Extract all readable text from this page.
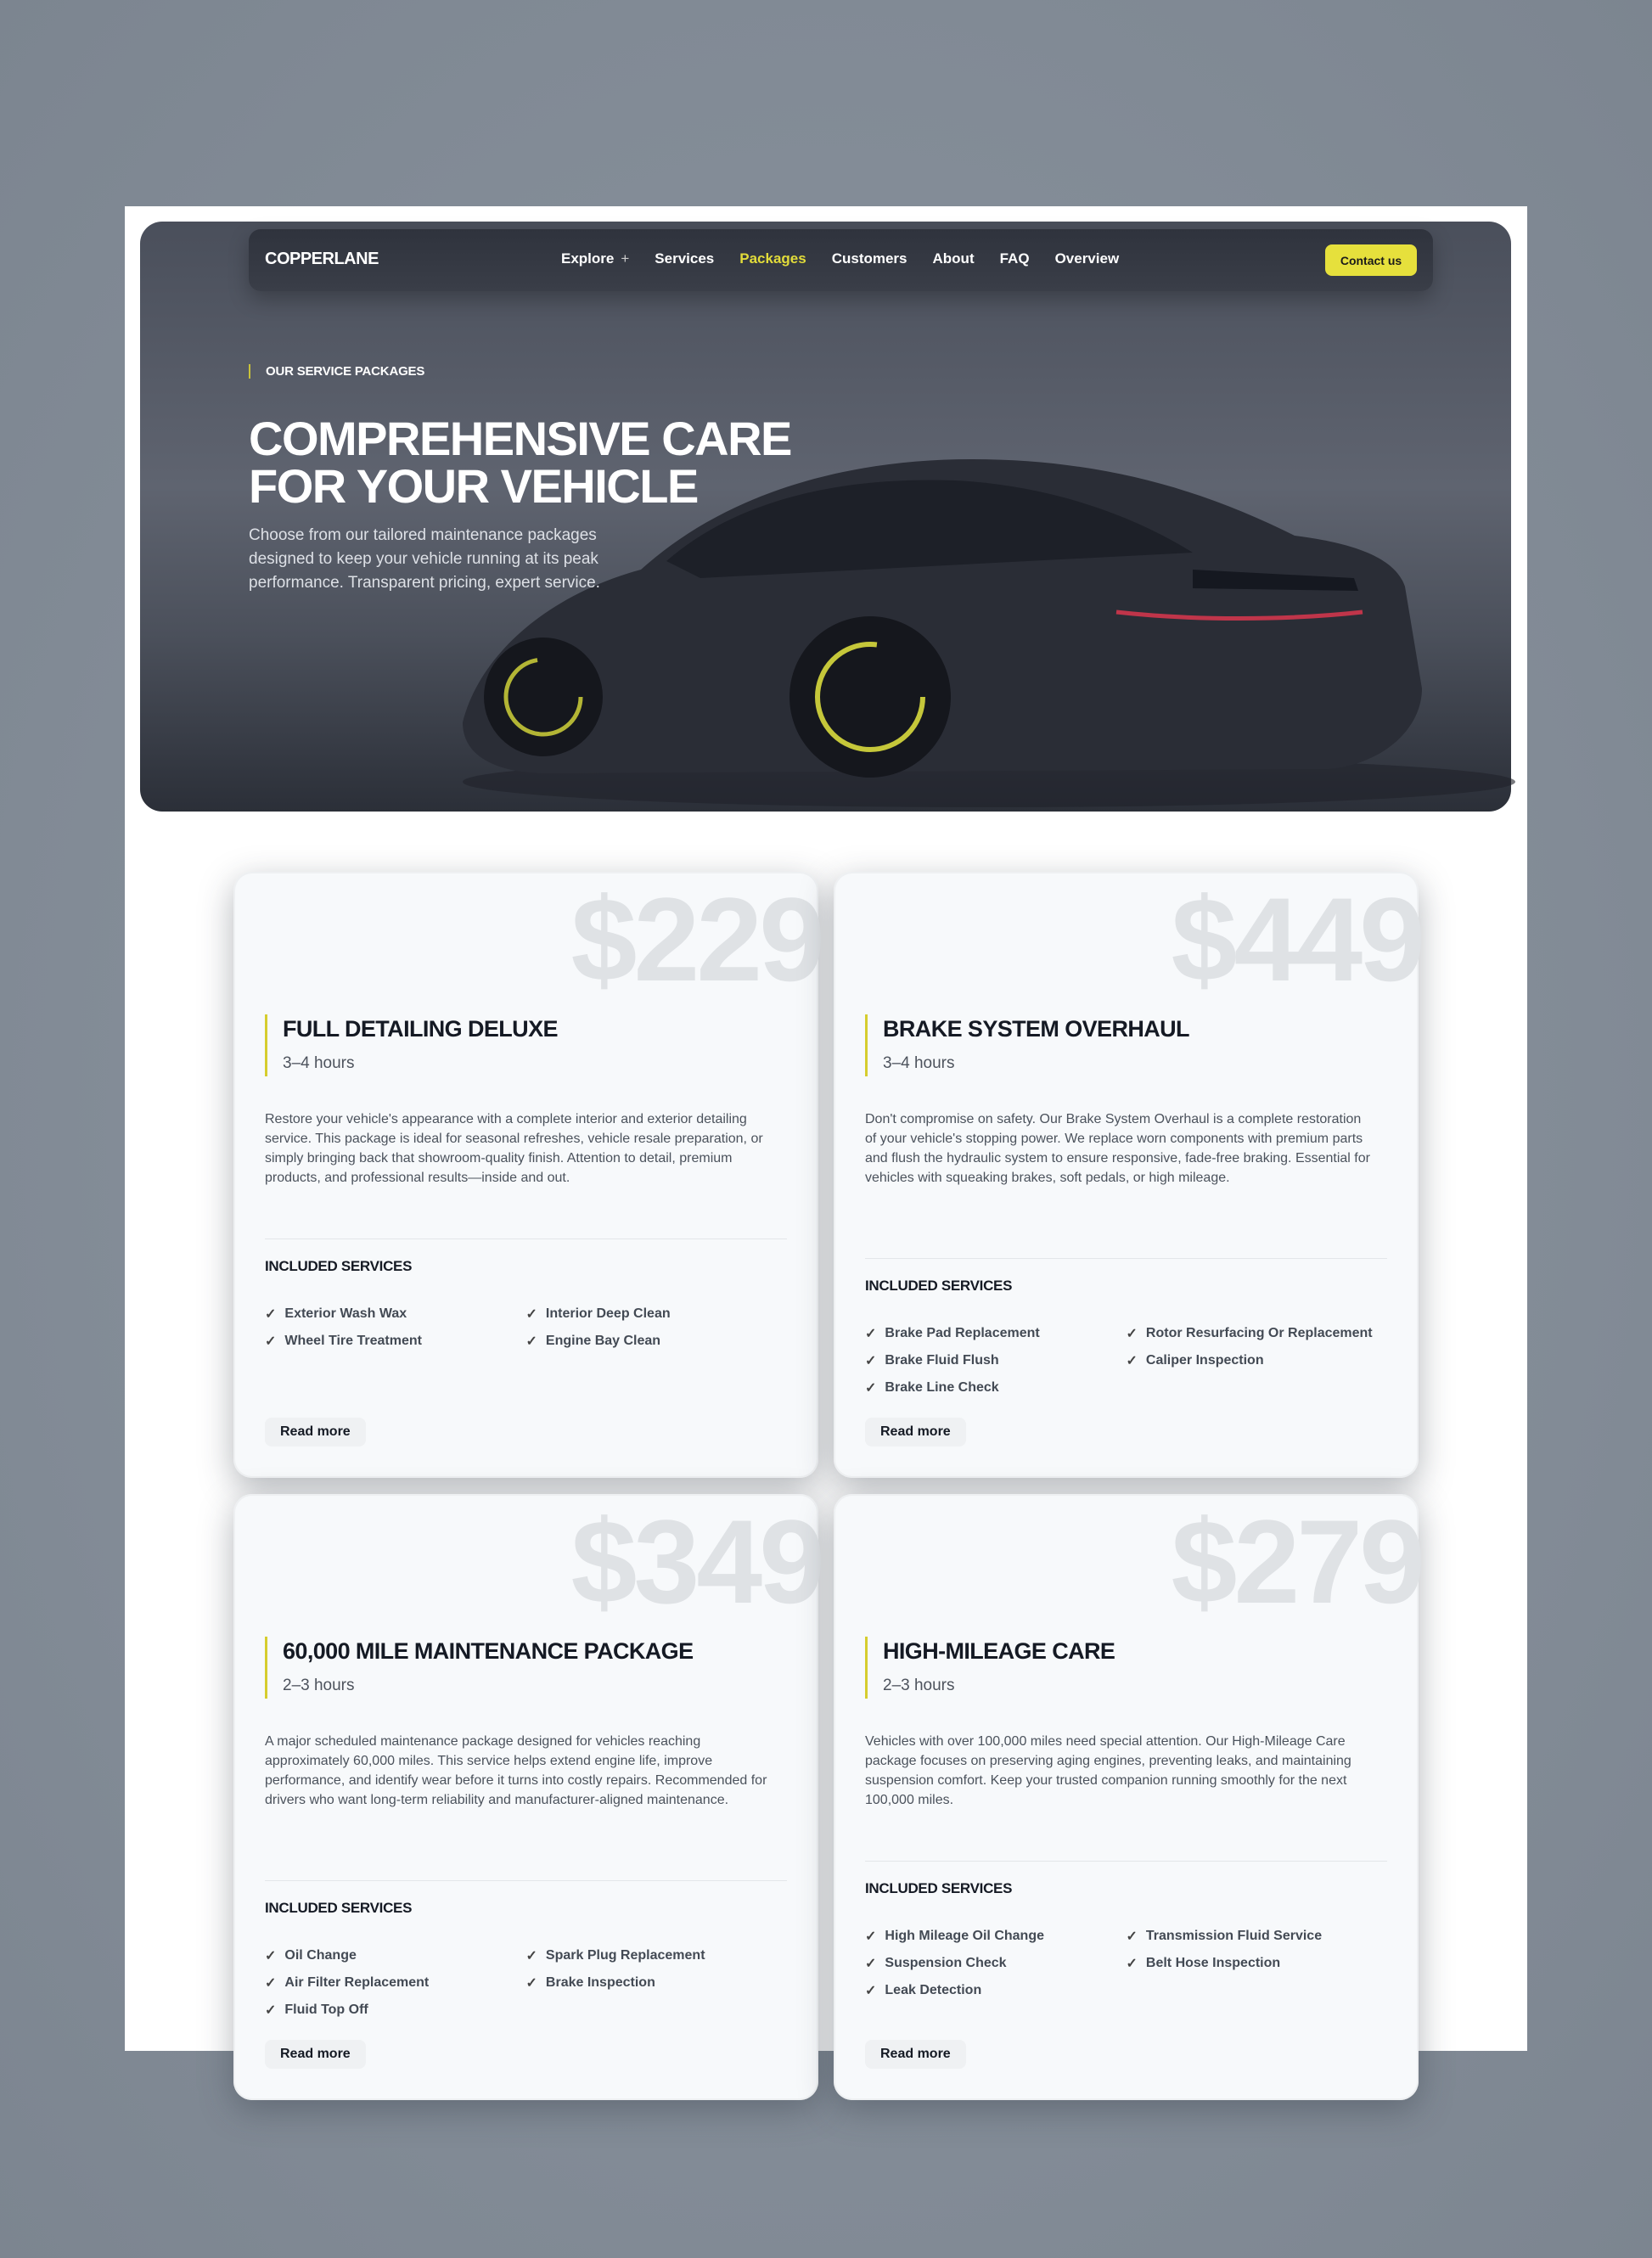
COPPERLANE	Explore + Services Packages Customers About FAQ Overview	Contact us
OUR SERVICE PACKAGES
COMPREHENSIVE CARE FOR YOUR VEHICLE
Choose from our tailored maintenance packages designed to keep your vehicle running at its peak performance. Transparent pricing, expert service.
$229
FULL DETAILING DELUXE
3–4 hours
Restore your vehicle's appearance with a complete interior and exterior detailing service. This package is ideal for seasonal refreshes, vehicle resale preparation, or simply bringing back that showroom-quality finish. Attention to detail, premium products, and professional results—inside and out.
INCLUDED SERVICES
✓ Exterior Wash Wax	✓ Interior Deep Clean
✓ Wheel Tire Treatment	✓ Engine Bay Clean
Read more
$449
BRAKE SYSTEM OVERHAUL
3–4 hours
Don't compromise on safety. Our Brake System Overhaul is a complete restoration of your vehicle's stopping power. We replace worn components with premium parts and flush the hydraulic system to ensure responsive, fade-free braking. Essential for vehicles with squeaking brakes, soft pedals, or high mileage.
INCLUDED SERVICES
✓ Brake Pad Replacement	✓ Rotor Resurfacing Or Replacement
✓ Brake Fluid Flush	✓ Caliper Inspection
✓ Brake Line Check
Read more
$349
60,000 MILE MAINTENANCE PACKAGE
2–3 hours
A major scheduled maintenance package designed for vehicles reaching approximately 60,000 miles. This service helps extend engine life, improve performance, and identify wear before it turns into costly repairs. Recommended for drivers who want long-term reliability and manufacturer-aligned maintenance.
INCLUDED SERVICES
✓ Oil Change	✓ Spark Plug Replacement
✓ Air Filter Replacement	✓ Brake Inspection
✓ Fluid Top Off
Read more
$279
HIGH-MILEAGE CARE
2–3 hours
Vehicles with over 100,000 miles need special attention. Our High-Mileage Care package focuses on preserving aging engines, preventing leaks, and maintaining suspension comfort. Keep your trusted companion running smoothly for the next 100,000 miles.
INCLUDED SERVICES
✓ High Mileage Oil Change	✓ Transmission Fluid Service
✓ Suspension Check	✓ Belt Hose Inspection
✓ Leak Detection
Read more
